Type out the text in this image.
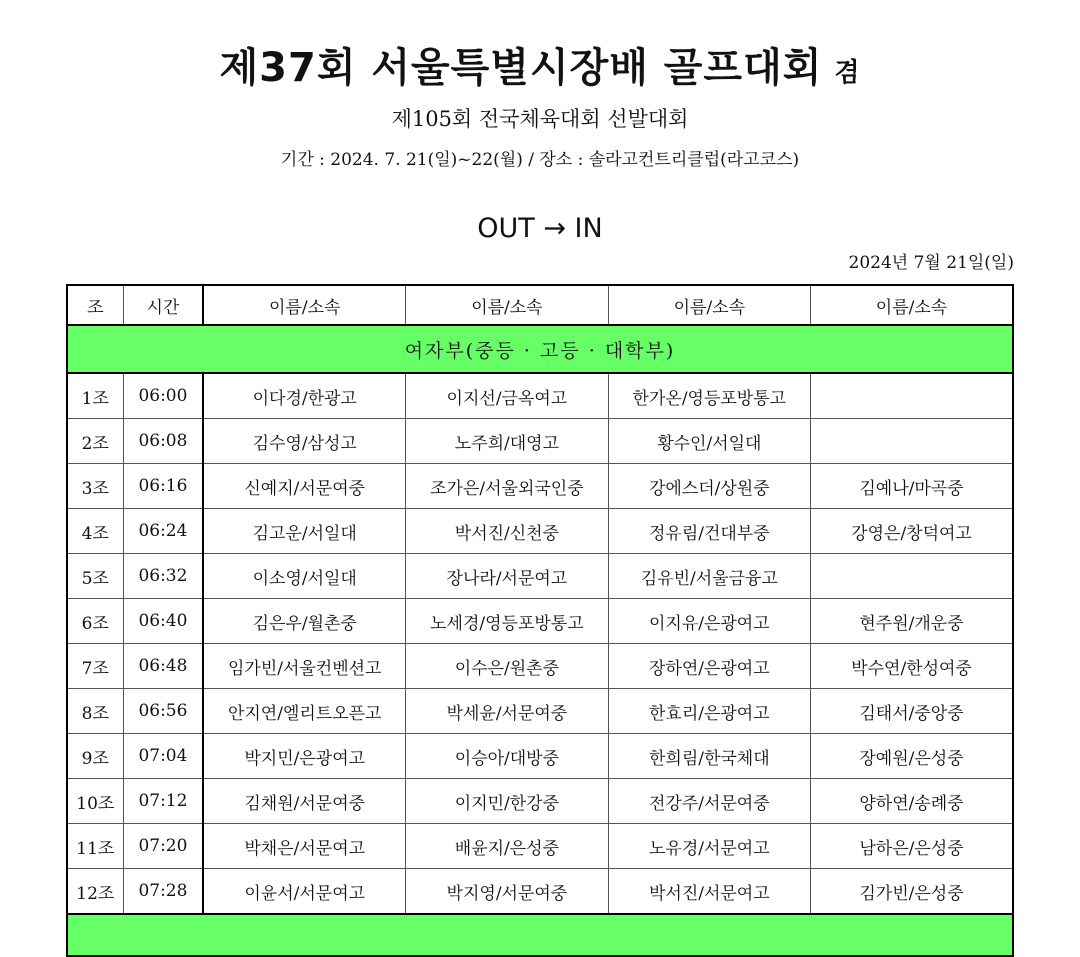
제37회 서울특별시장배 골프대회 겸
제105회 전국체육대회 선발대회
기간 : 2024. 7. 21(일)~22(월) / 장소 : 솔라고컨트리클럽(라고코스)
OUT → IN
2024년 7월 21일(일)
조	시간	이름/소속	이름/소속	이름/소속	이름/소속
여자부(중등 · 고등 · 대학부)					
1조	06:00	이다경/한광고	이지선/금옥여고	한가온/영등포방통고	
2조	06:08	김수영/삼성고	노주희/대영고	황수인/서일대	
3조	06:16	신예지/서문여중	조가은/서울외국인중	강에스더/상원중	김예나/마곡중
4조	06:24	김고운/서일대	박서진/신천중	정유림/건대부중	강영은/창덕여고
5조	06:32	이소영/서일대	장나라/서문여고	김유빈/서울금융고	
6조	06:40	김은우/월촌중	노세경/영등포방통고	이지유/은광여고	현주원/개운중
7조	06:48	임가빈/서울컨벤션고	이수은/원촌중	장하연/은광여고	박수연/한성여중
8조	06:56	안지연/엘리트오픈고	박세윤/서문여중	한효리/은광여고	김태서/중앙중
9조	07:04	박지민/은광여고	이승아/대방중	한희림/한국체대	장예원/은성중
10조	07:12	김채원/서문여중	이지민/한강중	전강주/서문여중	양하연/송례중
11조	07:20	박채은/서문여고	배윤지/은성중	노유경/서문여고	남하은/은성중
12조	07:28	이윤서/서문여고	박지영/서문여중	박서진/서문여고	김가빈/은성중
